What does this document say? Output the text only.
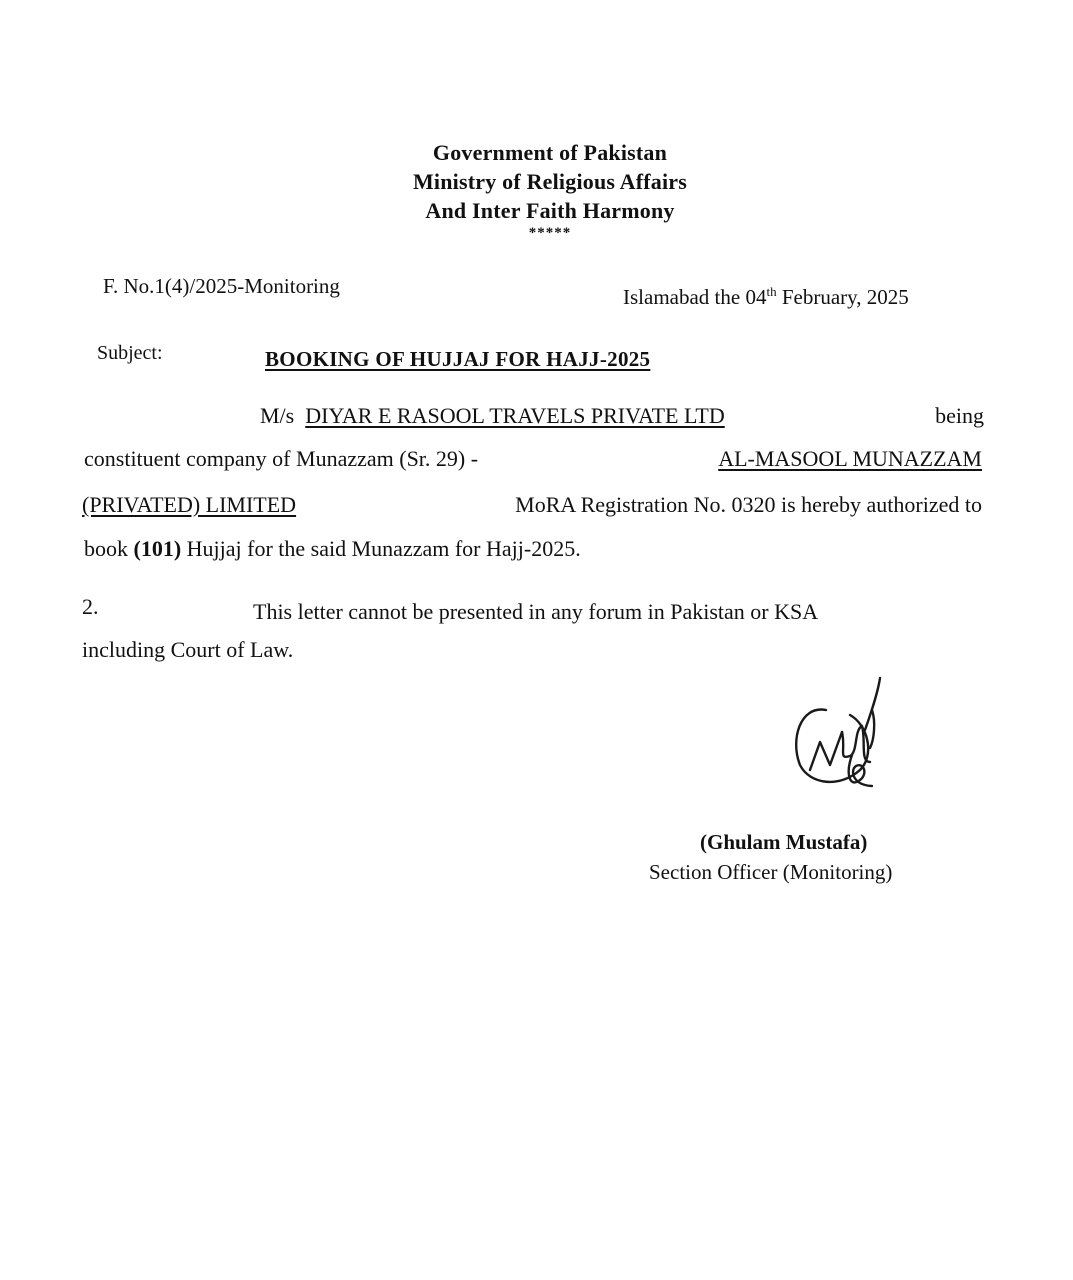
Government of Pakistan
Ministry of Religious Affairs
And Inter Faith Harmony
*****
F. No.1(4)/2025-Monitoring	Islamabad the 04th February, 2025
Subject:	BOOKING OF HUJJAJ FOR HAJJ-2025
M/s DIYAR E RASOOL TRAVELS PRIVATE LTD	being
constituent company of Munazzam (Sr. 29) -	AL-MASOOL MUNAZZAM
(PRIVATED) LIMITED	MoRA Registration No. 0320 is hereby authorized to
book (101) Hujjaj for the said Munazzam for Hajj-2025.
2.	This letter cannot be presented in any forum in Pakistan or KSA
including Court of Law.
(Ghulam Mustafa)
Section Officer (Monitoring)
